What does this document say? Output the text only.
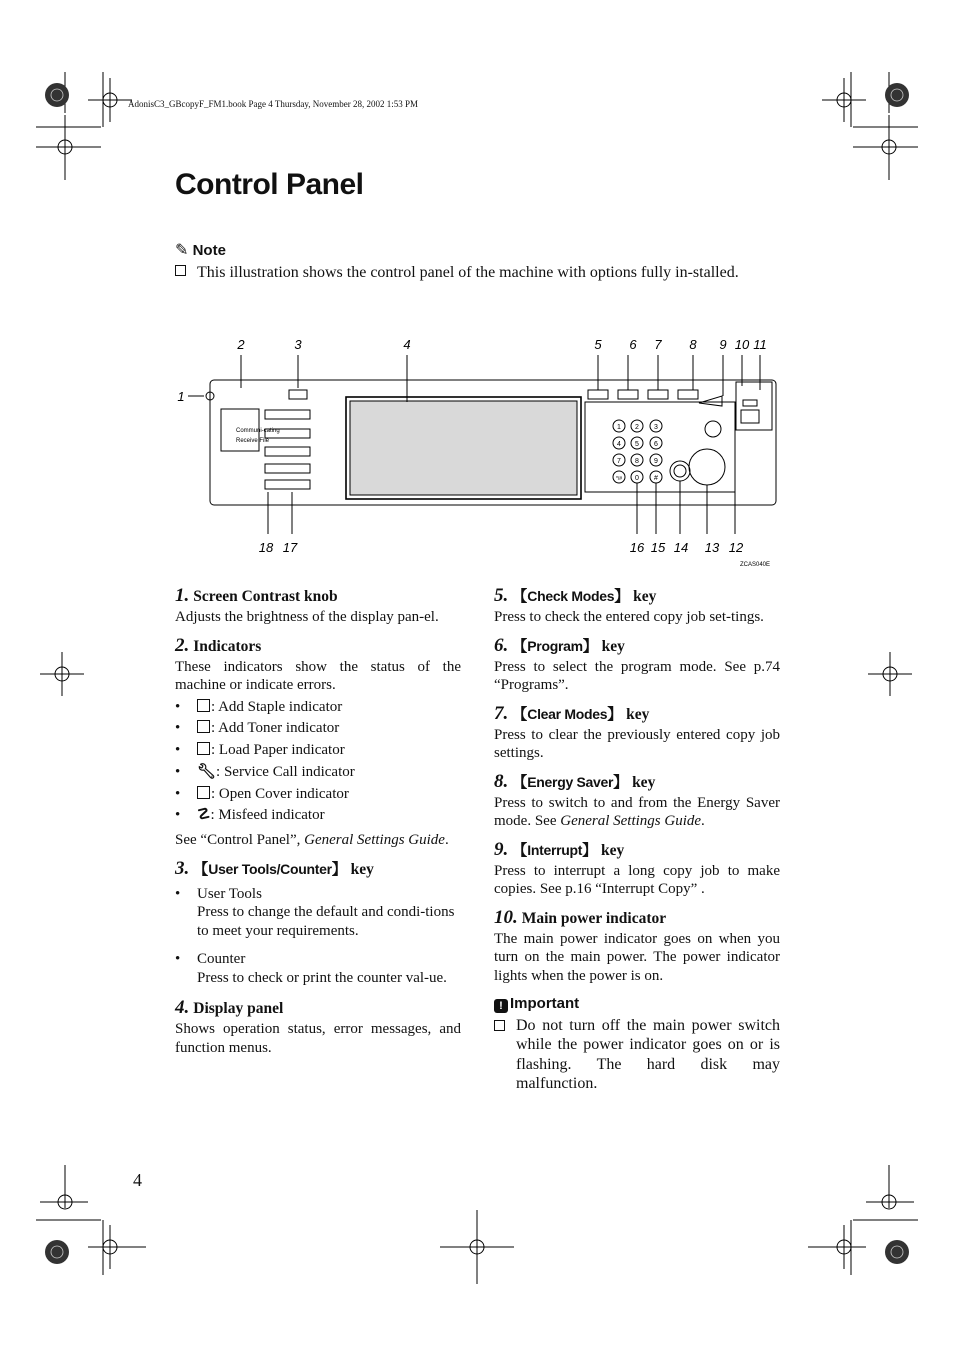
AdonisC3_GBcopyF_FM1.book Page 4 Thursday, November 28, 2002 1:53 PM
Control Panel
✎ Note
This illustration shows the control panel of the machine with options fully in-stalled.
Communi-cating
Receive File
1 2 3
4 5 6
7 8 9
*/# 0 #
2	3	4	5 6 7 8 9 10 11
1
18 17	16 15 14 13 12
ZCAS040E
1. Screen Contrast knob

Adjusts the brightness of the display pan-el.

2. Indicators

These indicators show the status of the machine or indicate errors.

• : Add Staple indicator
• : Add Toner indicator
• : Load Paper indicator
• 🔧︎: Service Call indicator
• : Open Cover indicator
• ☡: Misfeed indicator

See “Control Panel”, General Settings Guide.

3. 【User Tools/Counter】 key
• User Tools
Press to change the default and condi-tions to meet your requirements.
• Counter
Press to check or print the counter val-ue.
4. Display panel

Shows operation status, error messages, and function menus.

5. 【Check Modes】 key

Press to check the entered copy job set-tings.

6. 【Program】 key

Press to select the program mode. See p.74 “Programs”.

7. 【Clear Modes】 key

Press to clear the previously entered copy job settings.

8. 【Energy Saver】 key

Press to switch to and from the Energy Saver mode. See General Settings Guide.

9. 【Interrupt】 key

Press to interrupt a long copy job to make copies. See p.16 “Interrupt Copy” .

10. Main power indicator

The main power indicator goes on when you turn on the main power. The power indicator lights when the power is on.

! Important
Do not turn off the main power switch while the power indicator goes on or is flashing. The hard disk may malfunction.
4
